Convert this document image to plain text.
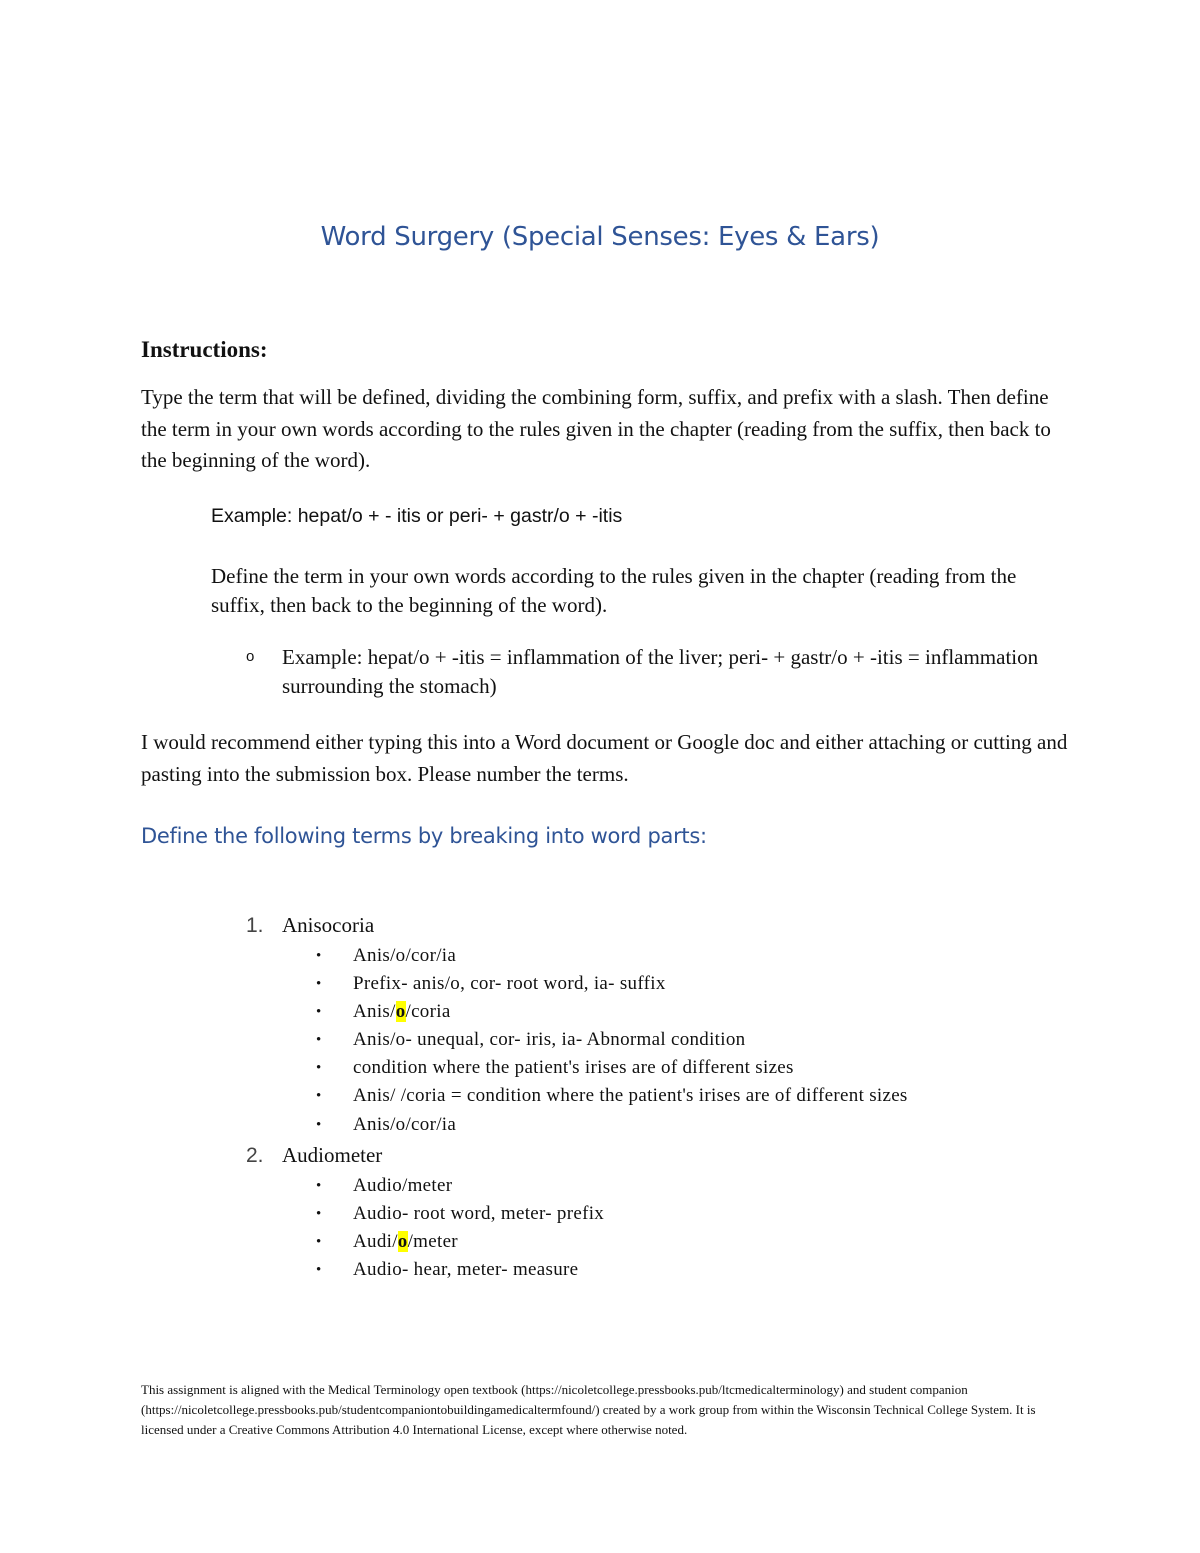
Word Surgery (Special Senses: Eyes & Ears)
Instructions:
Type the term that will be defined, dividing the combining form, suffix, and prefix with a slash. Then define the term in your own words according to the rules given in the chapter (reading from the suffix, then back to the beginning of the word).
Example: hepat/o + - itis or peri- + gastr/o + -itis
Define the term in your own words according to the rules given in the chapter (reading from the suffix, then back to the beginning of the word).
o Example: hepat/o + -itis = inflammation of the liver; peri- + gastr/o + -itis = inflammation surrounding the stomach)
I would recommend either typing this into a Word document or Google doc and either attaching or cutting and pasting into the submission box. Please number the terms.
Define the following terms by breaking into word parts:
1. Anisocoria
• Anis/o/cor/ia
• Prefix- anis/o, cor- root word, ia- suffix
• Anis/o/coria
• Anis/o- unequal, cor- iris, ia- Abnormal condition
• condition where the patient's irises are of different sizes
• Anis/ /coria = condition where the patient's irises are of different sizes
• Anis/o/cor/ia
2. Audiometer
• Audio/meter
• Audio- root word, meter- prefix
• Audi/o/meter
• Audio- hear, meter- measure
This assignment is aligned with the Medical Terminology open textbook (https://nicoletcollege.pressbooks.pub/ltcmedicalterminology) and student companion (https://nicoletcollege.pressbooks.pub/studentcompaniontobuildingamedicaltermfound/) created by a work group from within the Wisconsin Technical College System. It is licensed under a Creative Commons Attribution 4.0 International License, except where otherwise noted.
